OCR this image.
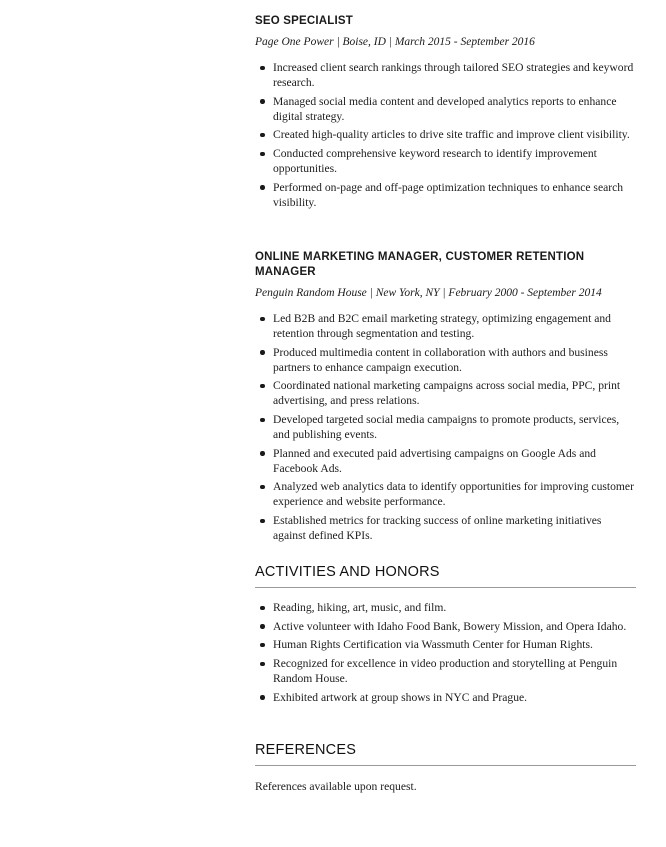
SEO SPECIALIST
Page One Power | Boise, ID | March 2015 - September 2016
Increased client search rankings through tailored SEO strategies and keyword research.
Managed social media content and developed analytics reports to enhance digital strategy.
Created high-quality articles to drive site traffic and improve client visibility.
Conducted comprehensive keyword research to identify improvement opportunities.
Performed on-page and off-page optimization techniques to enhance search visibility.
ONLINE MARKETING MANAGER, CUSTOMER RETENTION MANAGER
Penguin Random House | New York, NY | February 2000 - September 2014
Led B2B and B2C email marketing strategy, optimizing engagement and retention through segmentation and testing.
Produced multimedia content in collaboration with authors and business partners to enhance campaign execution.
Coordinated national marketing campaigns across social media, PPC, print advertising, and press relations.
Developed targeted social media campaigns to promote products, services, and publishing events.
Planned and executed paid advertising campaigns on Google Ads and Facebook Ads.
Analyzed web analytics data to identify opportunities for improving customer experience and website performance.
Established metrics for tracking success of online marketing initiatives against defined KPIs.
ACTIVITIES AND HONORS
Reading, hiking, art, music, and film.
Active volunteer with Idaho Food Bank, Bowery Mission, and Opera Idaho.
Human Rights Certification via Wassmuth Center for Human Rights.
Recognized for excellence in video production and storytelling at Penguin Random House.
Exhibited artwork at group shows in NYC and Prague.
REFERENCES
References available upon request.
